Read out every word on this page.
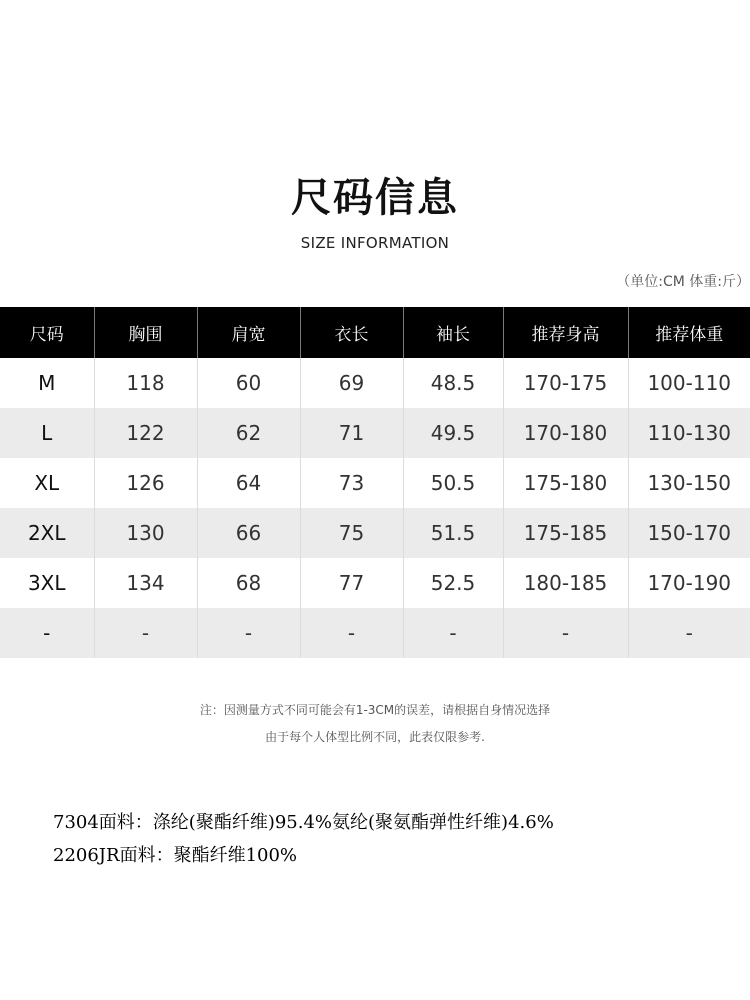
尺码信息
SIZE INFORMATION
（单位:CM 体重:斤）
尺码	胸围	肩宽	衣长	袖长	推荐身高	推荐体重
M	118	60	69	48.5	170-175	100-110
L	122	62	71	49.5	170-180	110-130
XL	126	64	73	50.5	175-180	130-150
2XL	130	66	75	51.5	175-185	150-170
3XL	134	68	77	52.5	180-185	170-190
-	-	-	-	-	-	-
注：因测量方式不同可能会有1-3CM的误差，请根据自身情况选择
由于每个人体型比例不同，此表仅限参考.
7304面料：涤纶(聚酯纤维)95.4%氨纶(聚氨酯弹性纤维)4.6%
2206JR面料：聚酯纤维100%
